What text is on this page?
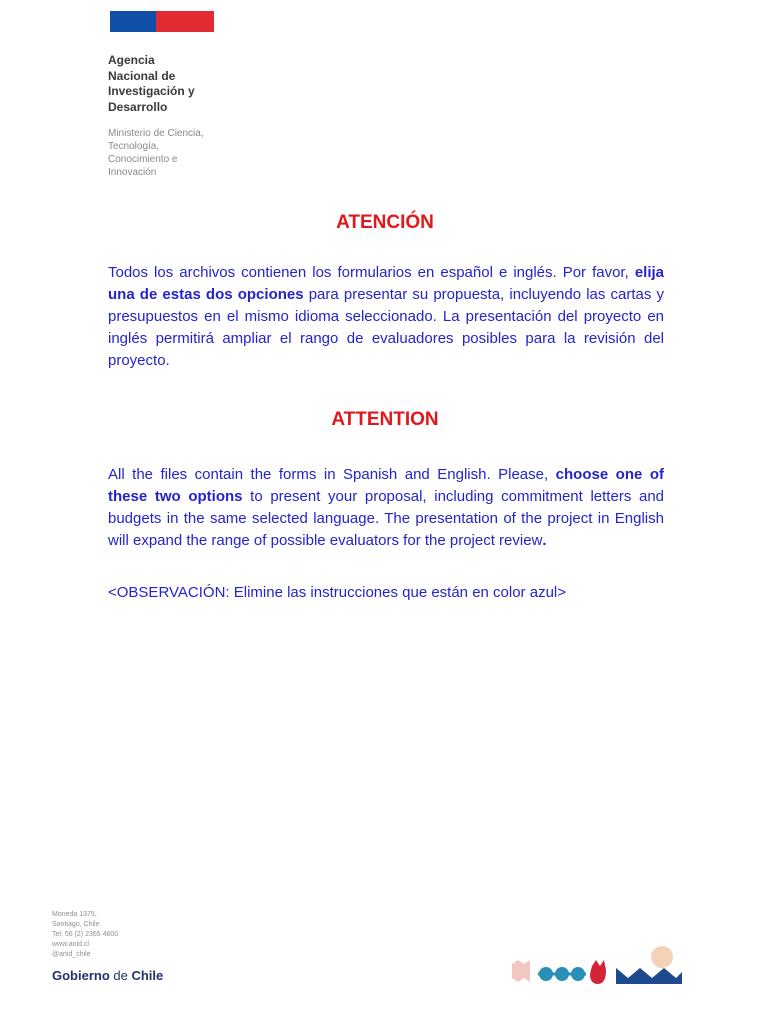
Agencia
Nacional de
Investigación y
Desarrollo
Ministerio de Ciencia,
Tecnología,
Conocimiento e
Innovación
ATENCIÓN

Todos los archivos contienen los formularios en español e inglés. Por favor, elija una de estas dos opciones para presentar su propuesta, incluyendo las cartas y presupuestos en el mismo idioma seleccionado. La presentación del proyecto en inglés permitirá ampliar el rango de evaluadores posibles para la revisión del proyecto.

ATTENTION

All the files contain the forms in Spanish and English. Please, choose one of these two options to present your proposal, including commitment letters and budgets in the same selected language. The presentation of the project in English will expand the range of possible evaluators for the project review.

<OBSERVACIÓN: Elimine las instrucciones que están en color azul>

Moneda 1375,
Santiago, Chile
Tel: 56 (2) 2365 4600
www.anid.cl
@anid_chile
Gobierno de Chile
